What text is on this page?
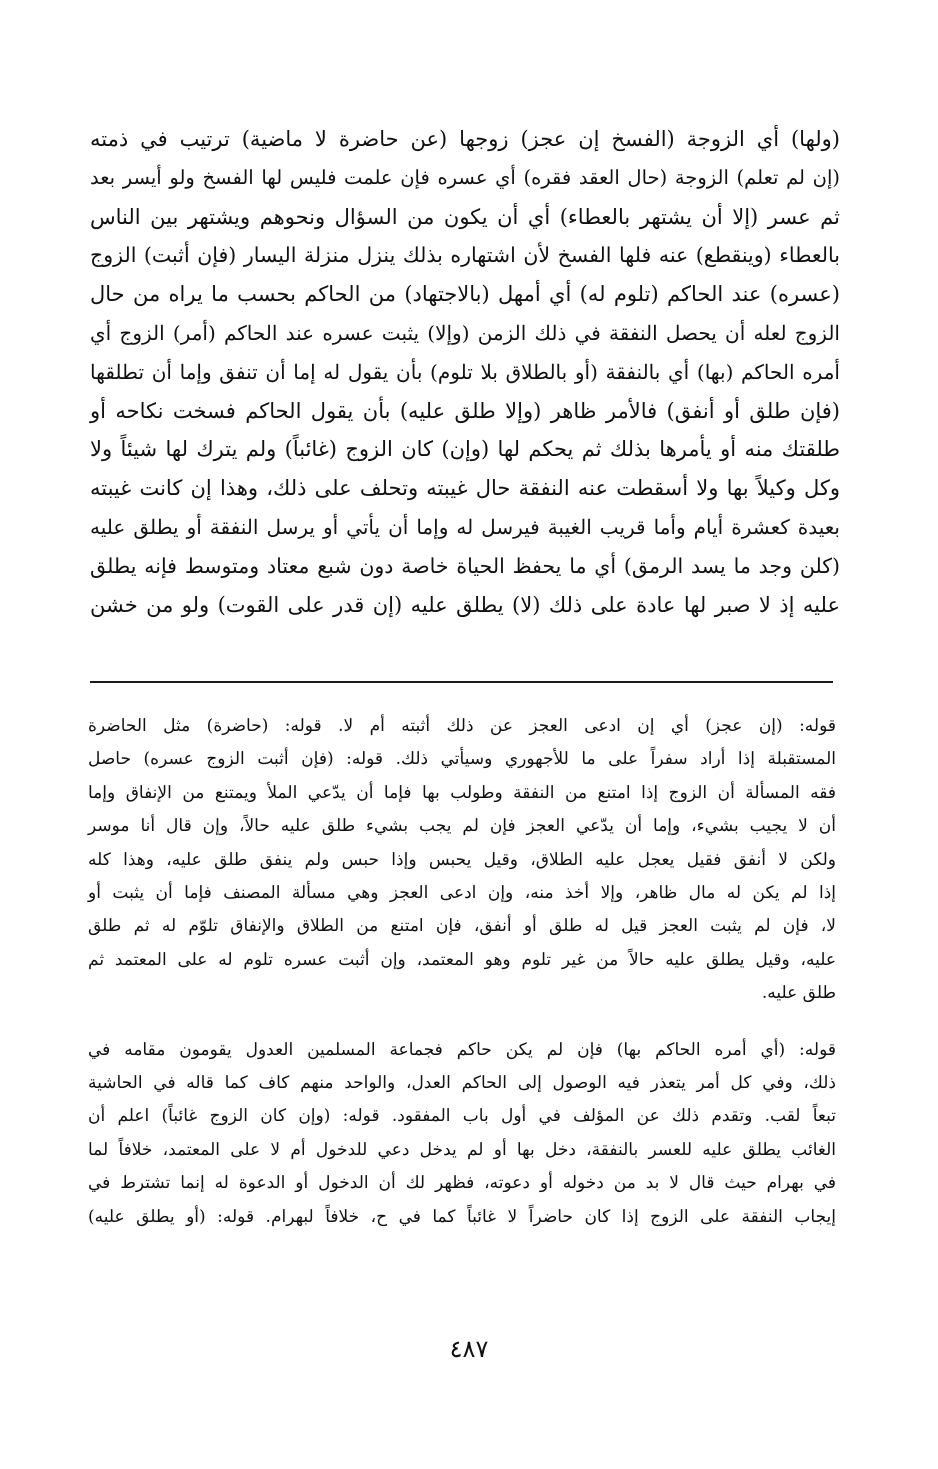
(ولها) أي الزوجة (الفسخ إن عجز) زوجها (عن حاضرة لا ماضية) ترتيب في ذمته
(إن لم تعلم) الزوجة (حال العقد فقره) أي عسره فإن علمت فليس لها الفسخ ولو أيسر بعد
ثم عسر (إلا أن يشتهر بالعطاء) أي أن يكون من السؤال ونحوهم ويشتهر بين الناس
بالعطاء (وينقطع) عنه فلها الفسخ لأن اشتهاره بذلك ينزل منزلة اليسار (فإن أثبت) الزوج
(عسره) عند الحاكم (تلوم له) أي أمهل (بالاجتهاد) من الحاكم بحسب ما يراه من حال
الزوج لعله أن يحصل النفقة في ذلك الزمن (وإلا) يثبت عسره عند الحاكم (أمر) الزوج أي
أمره الحاكم (بها) أي بالنفقة (أو بالطلاق بلا تلوم) بأن يقول له إما أن تنفق وإما أن تطلقها
(فإن طلق أو أنفق) فالأمر ظاهر (وإلا طلق عليه) بأن يقول الحاكم فسخت نكاحه أو
طلقتك منه أو يأمرها بذلك ثم يحكم لها (وإن) كان الزوج (غائباً) ولم يترك لها شيئاً ولا
وكل وكيلاً بها ولا أسقطت عنه النفقة حال غيبته وتحلف على ذلك، وهذا إن كانت غيبته
بعيدة كعشرة أيام وأما قريب الغيبة فيرسل له وإما أن يأتي أو يرسل النفقة أو يطلق عليه
(كلن وجد ما يسد الرمق) أي ما يحفظ الحياة خاصة دون شبع معتاد ومتوسط فإنه يطلق
عليه إذ لا صبر لها عادة على ذلك (لا) يطلق عليه (إن قدر على القوت) ولو من خشن
قوله: (إن عجز) أي إن ادعى العجز عن ذلك أثبته أم لا. قوله: (حاضرة) مثل الحاضرة
المستقبلة إذا أراد سفراً على ما للأجهوري وسيأتي ذلك. قوله: (فإن أثبت الزوج عسره) حاصل
فقه المسألة أن الزوج إذا امتنع من النفقة وطولب بها فإما أن يدّعي الملأ ويمتنع من الإنفاق وإما
أن لا يجيب بشيء، وإما أن يدّعي العجز فإن لم يجب بشيء طلق عليه حالاً، وإن قال أنا موسر
ولكن لا أنفق فقيل يعجل عليه الطلاق، وقيل يحبس وإذا حبس ولم ينفق طلق عليه، وهذا كله
إذا لم يكن له مال ظاهر، وإلا أخذ منه، وإن ادعى العجز وهي مسألة المصنف فإما أن يثبت أو
لا، فإن لم يثبت العجز قيل له طلق أو أنفق، فإن امتنع من الطلاق والإنفاق تلوّم له ثم طلق
عليه، وقيل يطلق عليه حالاً من غير تلوم وهو المعتمد، وإن أثبت عسره تلوم له على المعتمد ثم
طلق عليه.
قوله: (أي أمره الحاكم بها) فإن لم يكن حاكم فجماعة المسلمين العدول يقومون مقامه في
ذلك، وفي كل أمر يتعذر فيه الوصول إلى الحاكم العدل، والواحد منهم كاف كما قاله في الحاشية
تبعاً لقب. وتقدم ذلك عن المؤلف في أول باب المفقود. قوله: (وإن كان الزوج غائباً) اعلم أن
الغائب يطلق عليه للعسر بالنفقة، دخل بها أو لم يدخل دعي للدخول أم لا على المعتمد، خلافاً لما
في بهرام حيث قال لا بد من دخوله أو دعوته، فظهر لك أن الدخول أو الدعوة له إنما تشترط في
إيجاب النفقة على الزوج إذا كان حاضراً لا غائباً كما في ح، خلافاً لبهرام. قوله: (أو يطلق عليه)
٤٨٧
